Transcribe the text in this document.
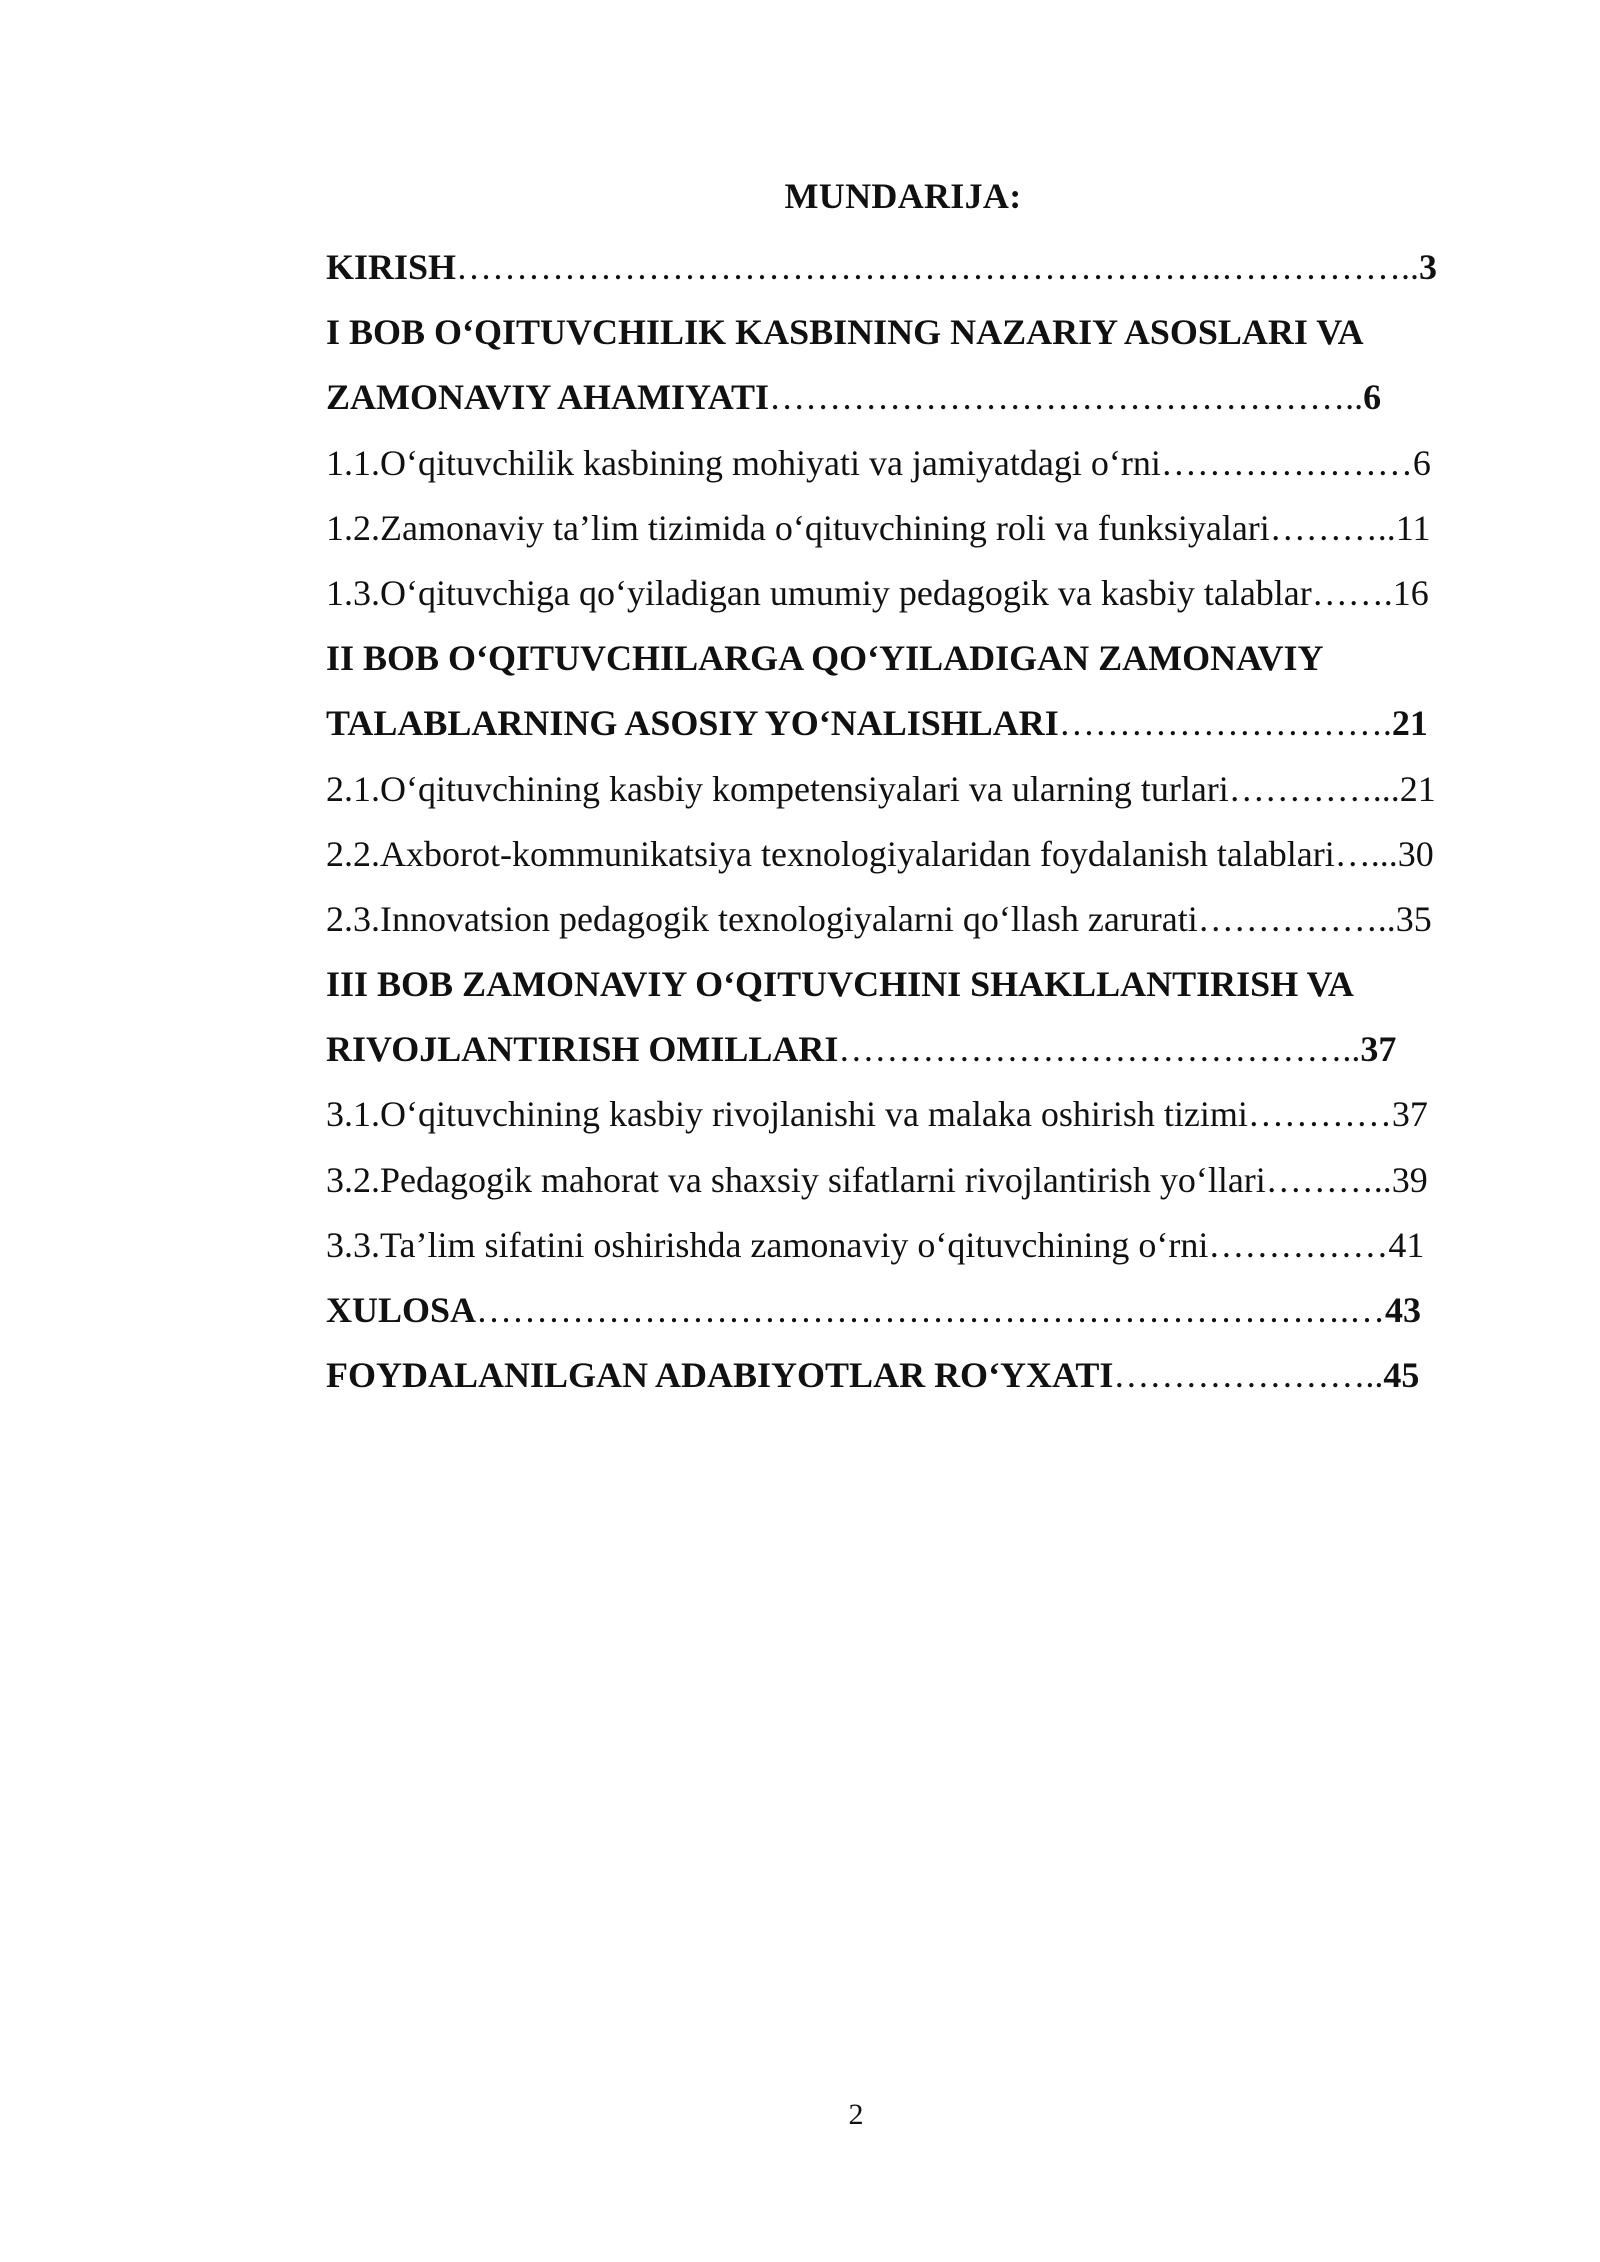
MUNDARIJA:
KIRISH……………………………………………………….……………..3
I BOB O‘QITUVCHILIK KASBINING NAZARIY ASOSLARI VA
ZAMONAVIY AHAMIYATI…………………………………………..6
1.1.O‘qituvchilik kasbining mohiyati va jamiyatdagi o‘rni…………………6
1.2.Zamonaviy ta’lim tizimida o‘qituvchining roli va funksiyalari………..11
1.3.O‘qituvchiga qo‘yiladigan umumiy pedagogik va kasbiy talablar…….16
II BOB O‘QITUVCHILARGA QO‘YILADIGAN ZAMONAVIY
TALABLARNING ASOSIY YO‘NALISHLARI……………………….21
2.1.O‘qituvchining kasbiy kompetensiyalari va ularning turlari…………...21
2.2.Axborot-kommunikatsiya texnologiyalaridan foydalanish talablari…...30
2.3.Innovatsion pedagogik texnologiyalarni qo‘llash zarurati……………..35
III BOB ZAMONAVIY O‘QITUVCHINI SHAKLLANTIRISH VA
RIVOJLANTIRISH OMILLARI……………………………………..37
3.1.O‘qituvchining kasbiy rivojlanishi va malaka oshirish tizimi…………37
3.2.Pedagogik mahorat va shaxsiy sifatlarni rivojlantirish yo‘llari………..39
3.3.Ta’lim sifatini oshirishda zamonaviy o‘qituvchining o‘rni……………41
XULOSA……………………………………………………………….…43
FOYDALANILGAN ADABIYOTLAR RO‘YXATI…………………..45
2
